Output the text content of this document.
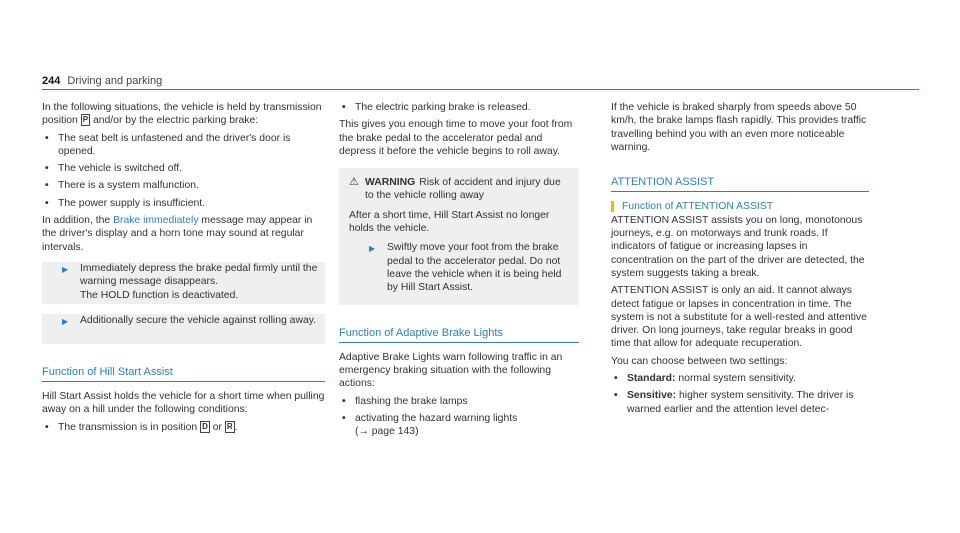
244 Driving and parking

In the following situations, the vehicle is held by transmission position P and/or by the electric parking brake:

• The seat belt is unfastened and the driver's door is opened.
• The vehicle is switched off.
• There is a system malfunction.
• The power supply is insufficient.

In addition, the Brake immediately message may appear in the driver's display and a horn tone may sound at regular intervals.

▶ Immediately depress the brake pedal firmly until the warning message disappears.
The HOLD function is deactivated.
▶ Additionally secure the vehicle against rolling away.
Function of Hill Start Assist

Hill Start Assist holds the vehicle for a short time when pulling away on a hill under the following conditions:

• The transmission is in position D or R .
• The electric parking brake is released.

This gives you enough time to move your foot from the brake pedal to the accelerator pedal and depress it before the vehicle begins to roll away.

⚠ WARNING Risk of accident and injury due to the vehicle rolling away

After a short time, Hill Start Assist no longer holds the vehicle.

▶ Swiftly move your foot from the brake pedal to the accelerator pedal. Do not leave the vehicle when it is being held by Hill Start Assist.
Function of Adaptive Brake Lights

Adaptive Brake Lights warn following traffic in an emergency braking situation with the following actions:

• flashing the brake lamps
• activating the hazard warning lights
(→ page 143)

If the vehicle is braked sharply from speeds above 50 km/h, the brake lamps flash rapidly. This provides traffic travelling behind you with an even more noticeable warning.

ATTENTION ASSIST
Function of ATTENTION ASSIST

ATTENTION ASSIST assists you on long, monotonous journeys, e.g. on motorways and trunk roads. If indicators of fatigue or increasing lapses in concentration on the part of the driver are detected, the system suggests taking a break.

ATTENTION ASSIST is only an aid. It cannot always detect fatigue or lapses in concentration in time. The system is not a substitute for a well-rested and attentive driver. On long journeys, take regular breaks in good time that allow for adequate recuperation.

You can choose between two settings:

• Standard: normal system sensitivity.
• Sensitive: higher system sensitivity. The driver is warned earlier and the attention level detec-
